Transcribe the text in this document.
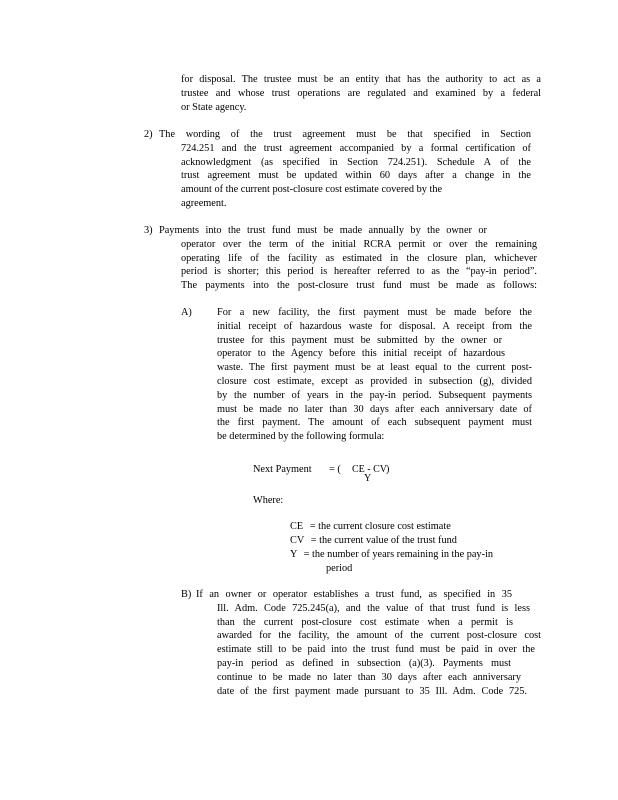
for disposal. The trustee must be an entity that has the authority to act as a
trustee and whose trust operations are regulated and examined by a federal
or State agency.
2) The wording of the trust agreement must be that specified in Section
724.251 and the trust agreement accompanied by a formal certification of
acknowledgment (as specified in Section 724.251). Schedule A of the
trust agreement must be updated within 60 days after a change in the
amount of the current post-closure cost estimate covered by the
agreement.
3) Payments into the trust fund must be made annually by the owner or
operator over the term of the initial RCRA permit or over the remaining
operating life of the facility as estimated in the closure plan, whichever
period is shorter; this period is hereafter referred to as the “pay-in period”.
The payments into the post-closure trust fund must be made as follows:
A) For a new facility, the first payment must be made before the
initial receipt of hazardous waste for disposal. A receipt from the
trustee for this payment must be submitted by the owner or
operator to the Agency before this initial receipt of hazardous
waste. The first payment must be at least equal to the current post-
closure cost estimate, except as provided in subsection (g), divided
by the number of years in the pay-in period. Subsequent payments
must be made no later than 30 days after each anniversary date of
the first payment. The amount of each subsequent payment must
be determined by the following formula:
Next Payment = ( CE - CV
Y
)
Where:
CE = the current closure cost estimate
CV = the current value of the trust fund
Y = the number of years remaining in the pay-in
period
B) If an owner or operator establishes a trust fund, as specified in 35
Ill. Adm. Code 725.245(a), and the value of that trust fund is less
than the current post-closure cost estimate when a permit is
awarded for the facility, the amount of the current post-closure cost
estimate still to be paid into the trust fund must be paid in over the
pay-in period as defined in subsection (a)(3). Payments must
continue to be made no later than 30 days after each anniversary
date of the first payment made pursuant to 35 Ill. Adm. Code 725.
